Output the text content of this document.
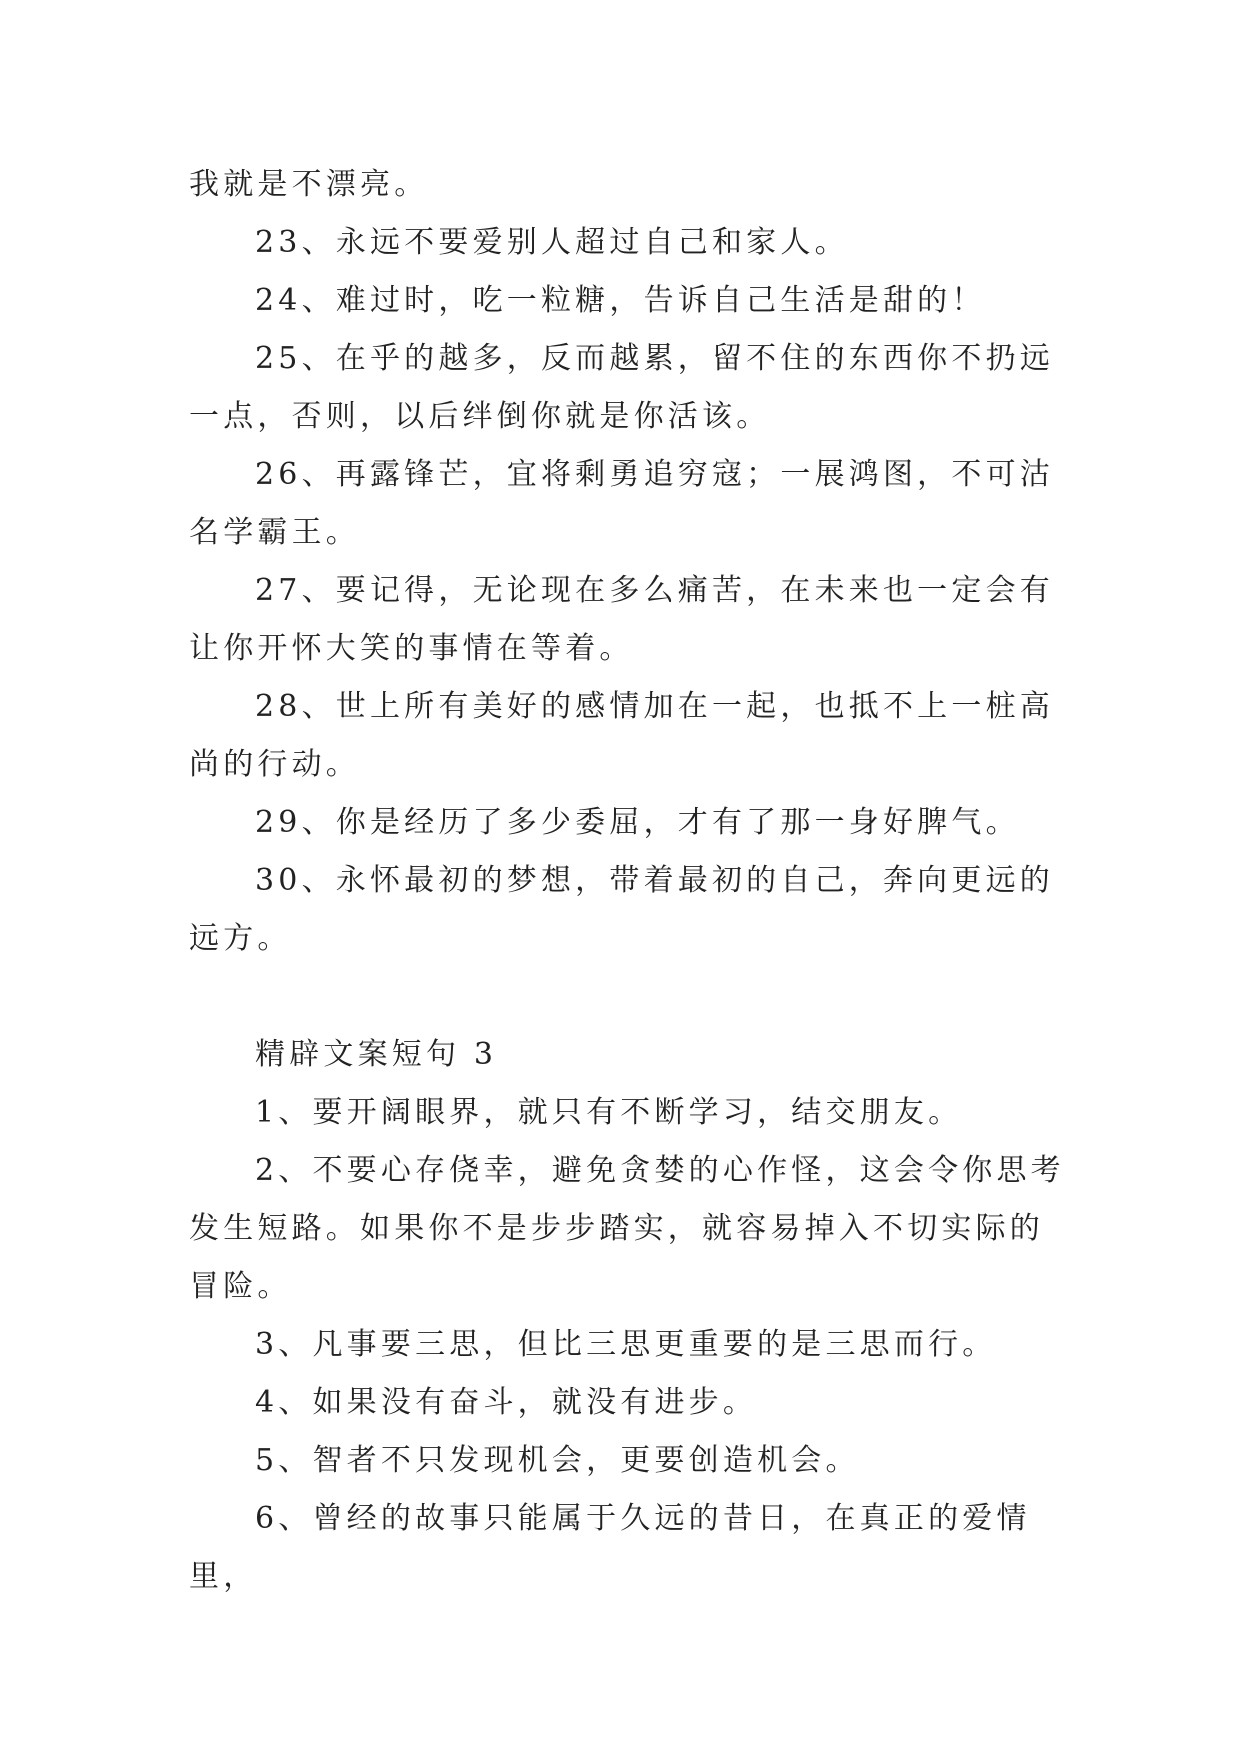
我就是不漂亮。

23、永远不要爱别人超过自己和家人。

24、难过时，吃一粒糖，告诉自己生活是甜的！

25、在乎的越多，反而越累，留不住的东西你不扔远一点，否则，以后绊倒你就是你活该。

26、再露锋芒，宜将剩勇追穷寇；一展鸿图，不可沽名学霸王。

27、要记得，无论现在多么痛苦，在未来也一定会有让你开怀大笑的事情在等着。

28、世上所有美好的感情加在一起，也抵不上一桩高尚的行动。

29、你是经历了多少委屈，才有了那一身好脾气。

30、永怀最初的梦想，带着最初的自己，奔向更远的远方。

精辟文案短句 3

1、要开阔眼界，就只有不断学习，结交朋友。

2、不要心存侥幸，避免贪婪的心作怪，这会令你思考发生短路。如果你不是步步踏实，就容易掉入不切实际的冒险。

3、凡事要三思，但比三思更重要的是三思而行。

4、如果没有奋斗，就没有进步。

5、智者不只发现机会，更要创造机会。

6、曾经的故事只能属于久远的昔日，在真正的爱情里，
